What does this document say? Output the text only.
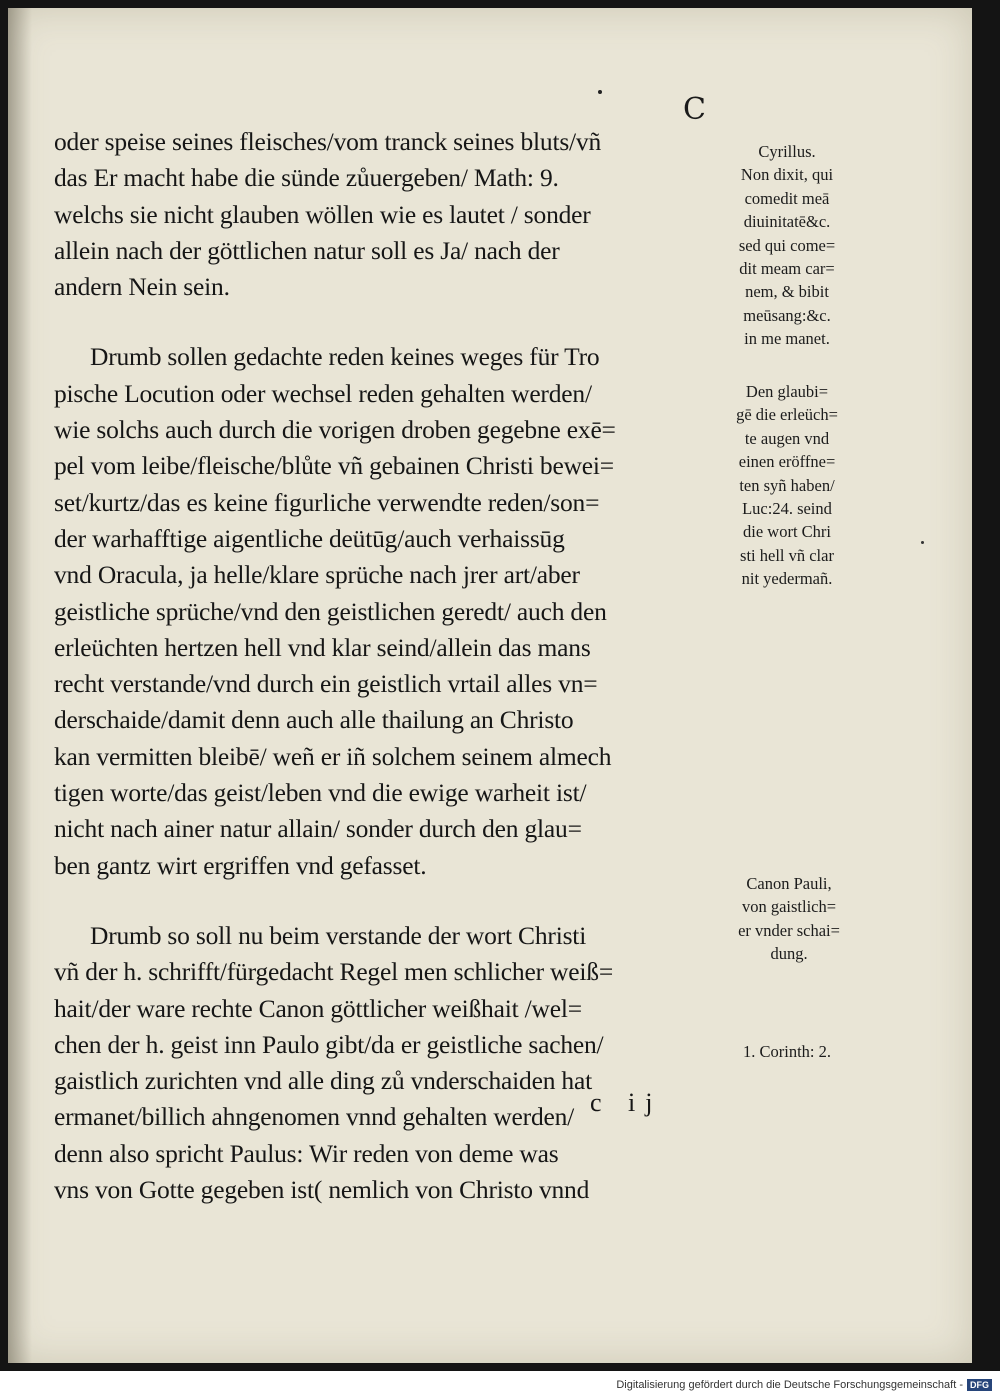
C

oder speise seines fleisches/vom tranck seines bluts/vñ
das Er macht habe die sünde zůuergeben/ Math: 9.
welchs sie nicht glauben wöllen wie es lautet / sonder
allein nach der göttlichen natur soll es Ja/ nach der
andern Nein sein.

Drumb sollen gedachte reden keines weges für Tro
pische Locution oder wechsel reden gehalten werden/
wie solchs auch durch die vorigen droben gegebne exē=
pel vom leibe/fleische/blůte vñ gebainen Christi bewei=
set/kurtz/das es keine figurliche verwendte reden/son=
der warhafftige aigentliche deütūg/auch verhaissūg
vnd Oracula, ja helle/klare sprüche nach jrer art/aber
geistliche sprüche/vnd den geistlichen geredt/ auch den
erleüchten hertzen hell vnd klar seind/allein das mans
recht verstande/vnd durch ein geistlich vrtail alles vn=
derschaide/damit denn auch alle thailung an Christo
kan vermitten bleibē/ weñ er iñ solchem seinem almech
tigen worte/das geist/leben vnd die ewige warheit ist/
nicht nach ainer natur allain/ sonder durch den glau=
ben gantz wirt ergriffen vnd gefasset.

Drumb so soll nu beim verstande der wort Christi
vñ der h. schrifft/fürgedacht Regel men schlicher weiß=
hait/der ware rechte Canon göttlicher weißhait /wel=
chen der h. geist inn Paulo gibt/da er geistliche sachen/
gaistlich zurichten vnd alle ding zů vnderschaiden hat
ermanet/billich ahngenomen vnnd gehalten werden/
denn also spricht Paulus: Wir reden von deme was
vns von Gotte gegeben ist( nemlich von Christo vnnd

Cyrillus.
Non dixit, qui
comedit meā
diuinitatē&c.
sed qui come=
dit meam car=
nem, & bibit
meūsang:&c.
in me manet.
Den glaubi=
gē die erleüch=
te augen vnd
einen eröffne=
ten syñ haben/
Luc:24. seind
die wort Chri
sti hell vñ clar
nit yedermañ.
Canon Pauli,
von gaistlich=
er vnder schai=
dung.
1. Corinth: 2.
c ij
Digitalisierung gefördert durch die Deutsche Forschungsgemeinschaft - DFG
